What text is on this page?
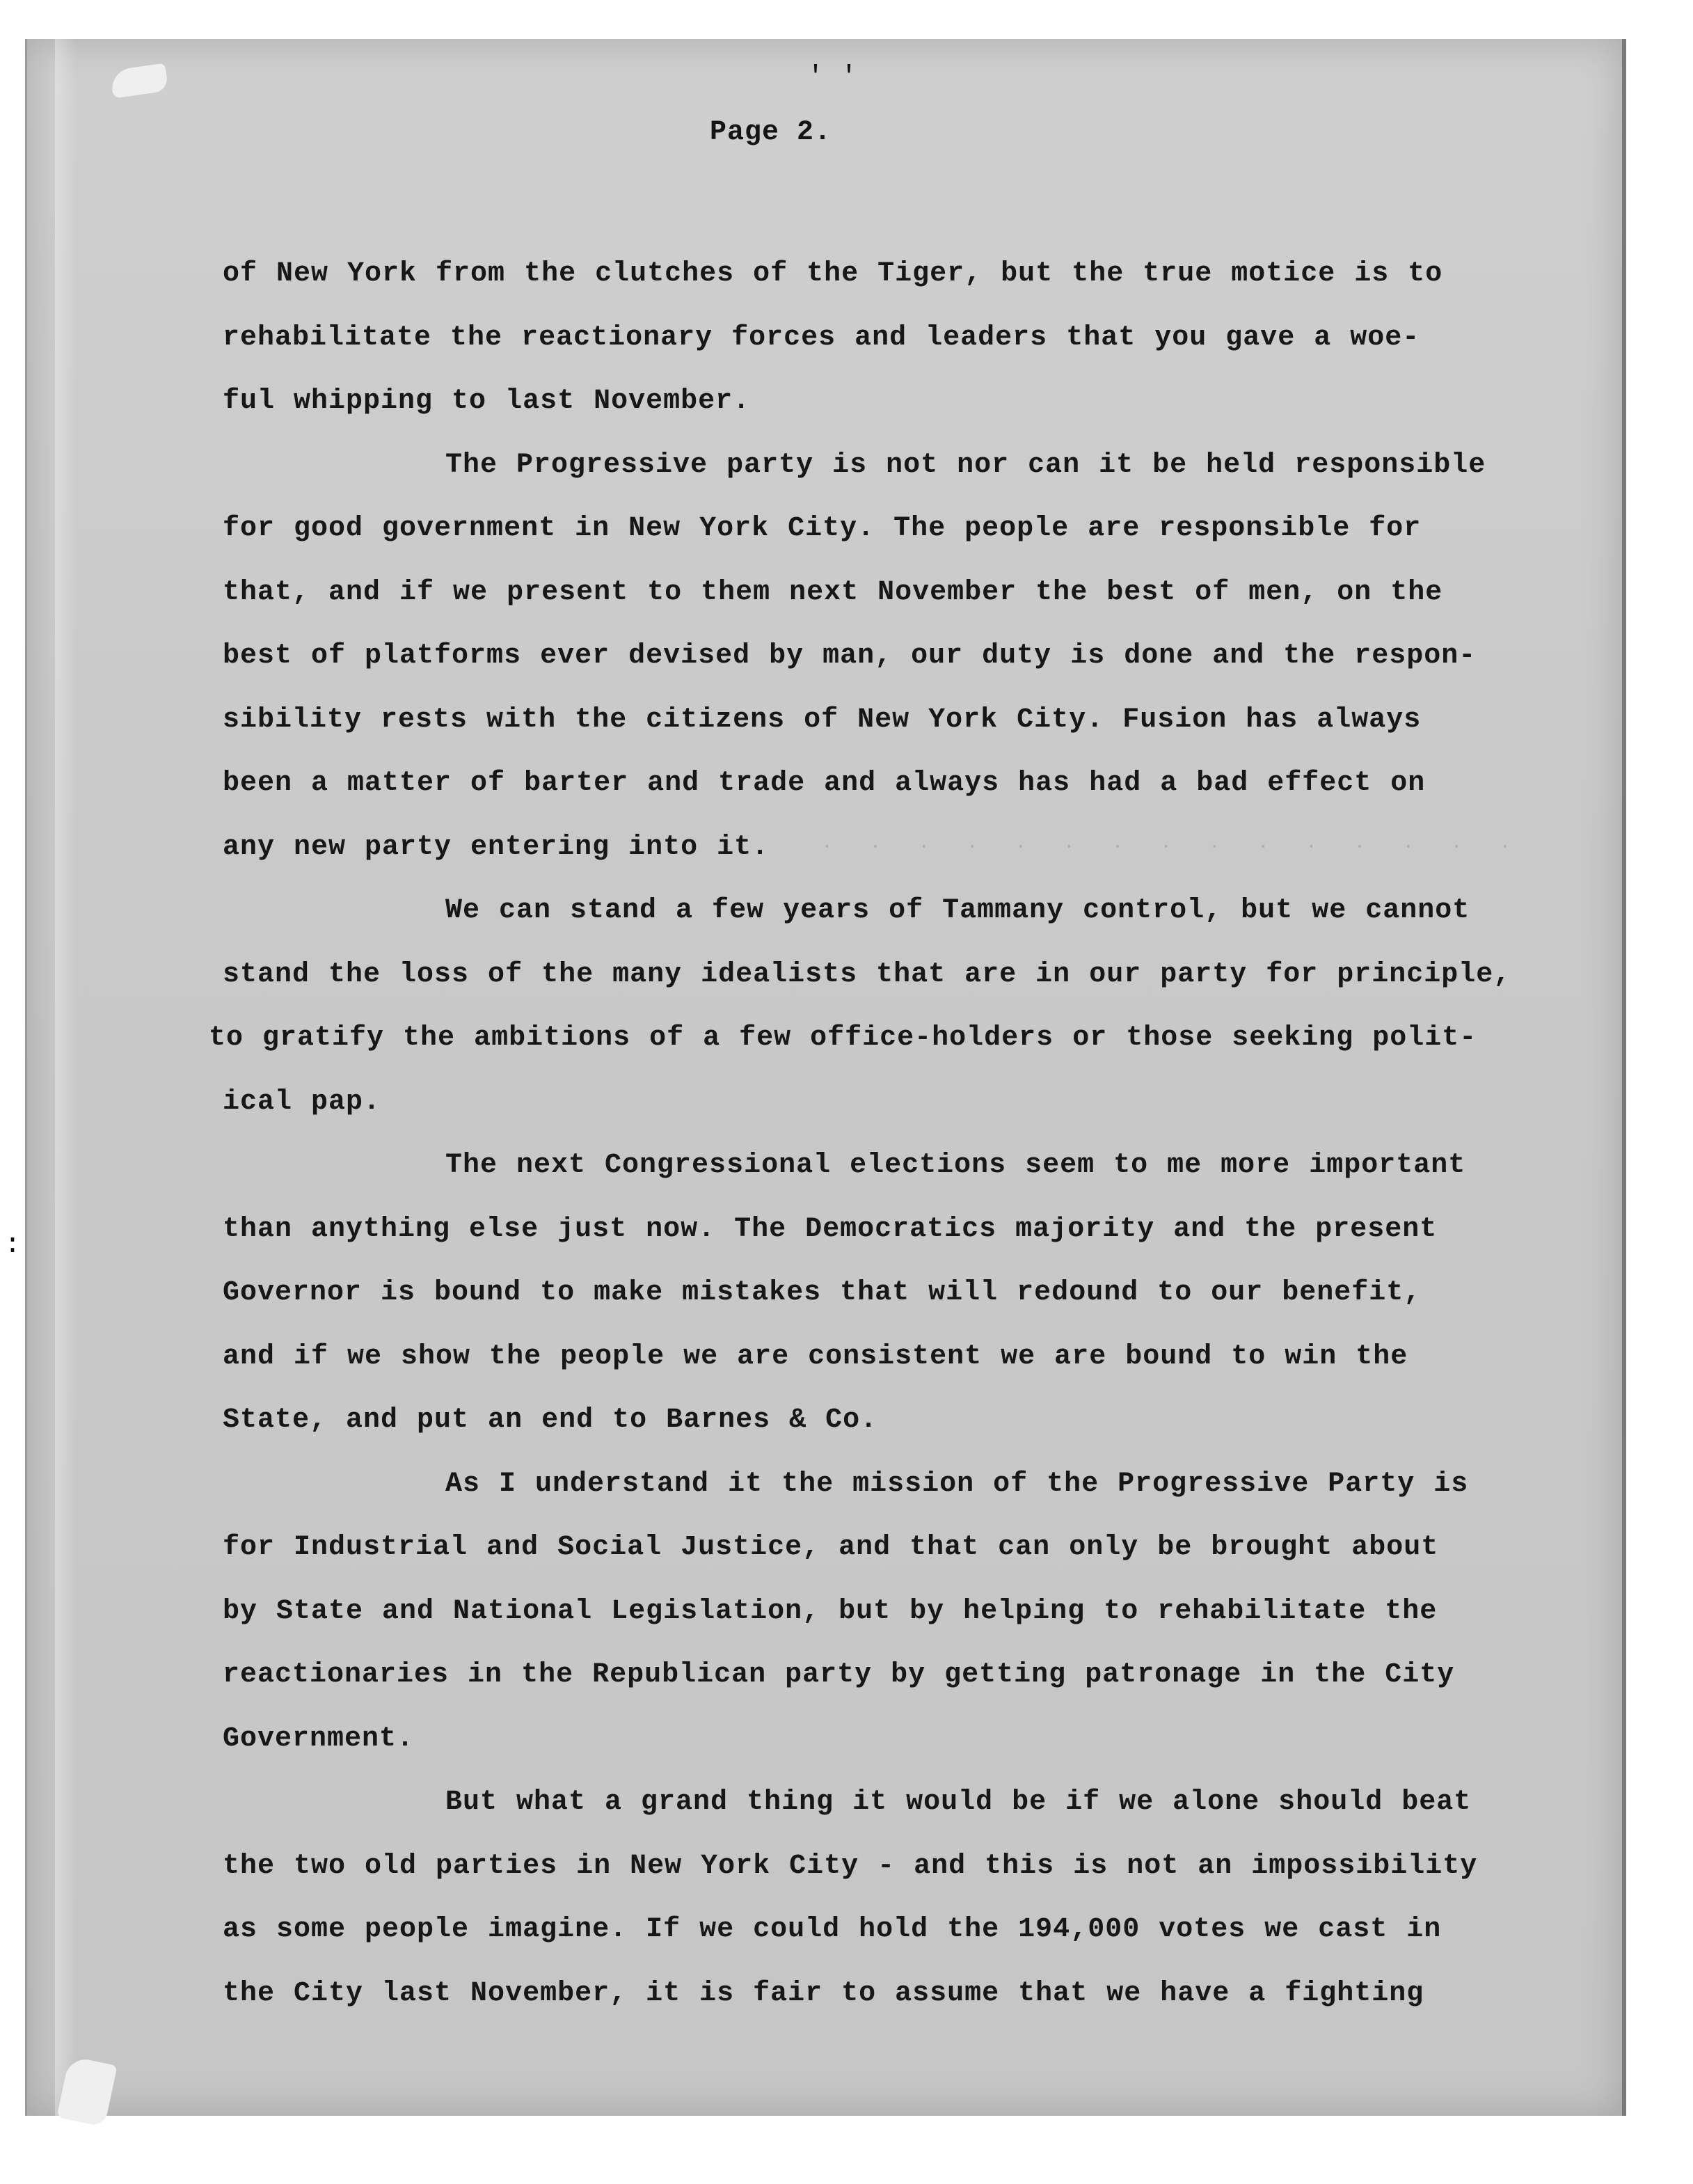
' '
:
. . . . . . . . . . . . . . .
Page 2.
of New York from the clutches of the Tiger, but the true motice is to
rehabilitate the reactionary forces and leaders that you gave a woe-
ful whipping to last November.
The Progressive party is not nor can it be held responsible
for good government in New York City. The people are responsible for
that, and if we present to them next November the best of men, on the
best of platforms ever devised by man, our duty is done and the respon-
sibility rests with the citizens of New York City. Fusion has always
been a matter of barter and trade and always has had a bad effect on
any new party entering into it.
We can stand a few years of Tammany control, but we cannot
stand the loss of the many idealists that are in our party for principle,
to gratify the ambitions of a few office-holders or those seeking polit-
ical pap.
The next Congressional elections seem to me more important
than anything else just now. The Democratics majority and the present
Governor is bound to make mistakes that will redound to our benefit,
and if we show the people we are consistent we are bound to win the
State, and put an end to Barnes & Co.
As I understand it the mission of the Progressive Party is
for Industrial and Social Justice, and that can only be brought about
by State and National Legislation, but by helping to rehabilitate the
reactionaries in the Republican party by getting patronage in the City
Government.
But what a grand thing it would be if we alone should beat
the two old parties in New York City - and this is not an impossibility
as some people imagine. If we could hold the 194,000 votes we cast in
the City last November, it is fair to assume that we have a fighting
